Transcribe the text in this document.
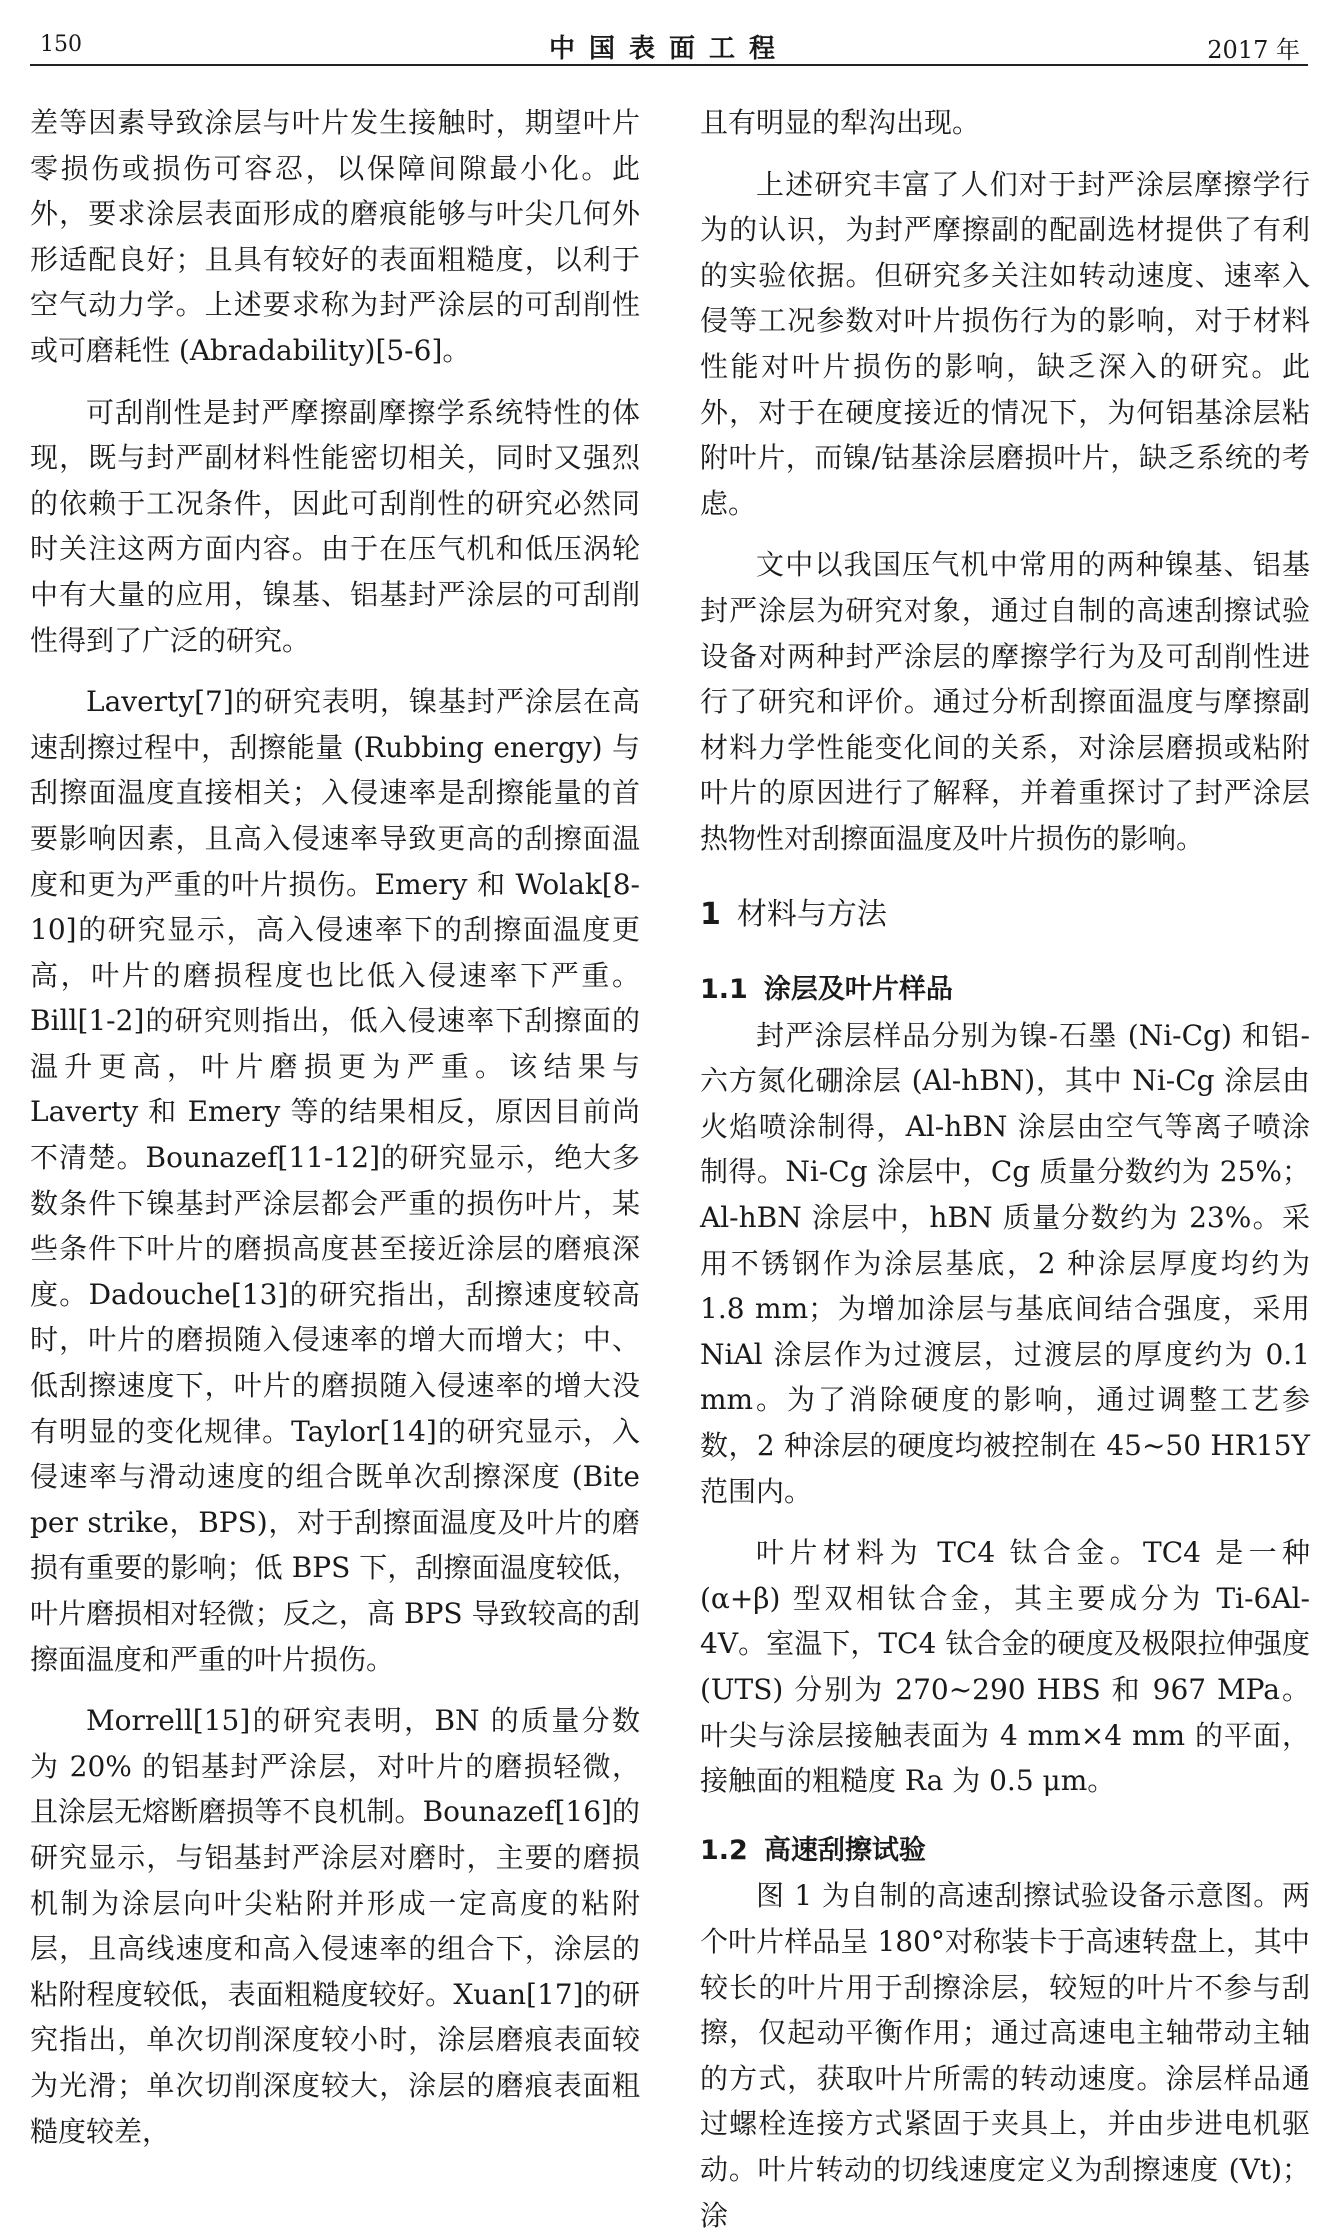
150	中国表面工程	2017 年

差等因素导致涂层与叶片发生接触时，期望叶片零损伤或损伤可容忍，以保障间隙最小化。此外，要求涂层表面形成的磨痕能够与叶尖几何外形适配良好；且具有较好的表面粗糙度，以利于空气动力学。上述要求称为封严涂层的可刮削性或可磨耗性 (Abradability)[5-6]。

可刮削性是封严摩擦副摩擦学系统特性的体现，既与封严副材料性能密切相关，同时又强烈的依赖于工况条件，因此可刮削性的研究必然同时关注这两方面内容。由于在压气机和低压涡轮中有大量的应用，镍基、铝基封严涂层的可刮削性得到了广泛的研究。

Laverty[7]的研究表明，镍基封严涂层在高速刮擦过程中，刮擦能量 (Rubbing energy) 与刮擦面温度直接相关；入侵速率是刮擦能量的首要影响因素，且高入侵速率导致更高的刮擦面温度和更为严重的叶片损伤。Emery 和 Wolak[8-10]的研究显示，高入侵速率下的刮擦面温度更高，叶片的磨损程度也比低入侵速率下严重。Bill[1-2]的研究则指出，低入侵速率下刮擦面的温升更高，叶片磨损更为严重。该结果与 Laverty 和 Emery 等的结果相反，原因目前尚不清楚。Bounazef[11-12]的研究显示，绝大多数条件下镍基封严涂层都会严重的损伤叶片，某些条件下叶片的磨损高度甚至接近涂层的磨痕深度。Dadouche[13]的研究指出，刮擦速度较高时，叶片的磨损随入侵速率的增大而增大；中、低刮擦速度下，叶片的磨损随入侵速率的增大没有明显的变化规律。Taylor[14]的研究显示，入侵速率与滑动速度的组合既单次刮擦深度 (Bite per strike，BPS)，对于刮擦面温度及叶片的磨损有重要的影响；低 BPS 下，刮擦面温度较低，叶片磨损相对轻微；反之，高 BPS 导致较高的刮擦面温度和严重的叶片损伤。

Morrell[15]的研究表明，BN 的质量分数为 20% 的铝基封严涂层，对叶片的磨损轻微，且涂层无熔断磨损等不良机制。Bounazef[16]的研究显示，与铝基封严涂层对磨时，主要的磨损机制为涂层向叶尖粘附并形成一定高度的粘附层，且高线速度和高入侵速率的组合下，涂层的粘附程度较低，表面粗糙度较好。Xuan[17]的研究指出，单次切削深度较小时，涂层磨痕表面较为光滑；单次切削深度较大，涂层的磨痕表面粗糙度较差，

且有明显的犁沟出现。

上述研究丰富了人们对于封严涂层摩擦学行为的认识，为封严摩擦副的配副选材提供了有利的实验依据。但研究多关注如转动速度、速率入侵等工况参数对叶片损伤行为的影响，对于材料性能对叶片损伤的影响，缺乏深入的研究。此外，对于在硬度接近的情况下，为何铝基涂层粘附叶片，而镍/钴基涂层磨损叶片，缺乏系统的考虑。

文中以我国压气机中常用的两种镍基、铝基封严涂层为研究对象，通过自制的高速刮擦试验设备对两种封严涂层的摩擦学行为及可刮削性进行了研究和评价。通过分析刮擦面温度与摩擦副材料力学性能变化间的关系，对涂层磨损或粘附叶片的原因进行了解释，并着重探讨了封严涂层热物性对刮擦面温度及叶片损伤的影响。

1 材料与方法

1.1 涂层及叶片样品

封严涂层样品分别为镍-石墨 (Ni-Cg) 和铝-六方氮化硼涂层 (Al-hBN)，其中 Ni-Cg 涂层由火焰喷涂制得，Al-hBN 涂层由空气等离子喷涂制得。Ni-Cg 涂层中，Cg 质量分数约为 25%；Al-hBN 涂层中，hBN 质量分数约为 23%。采用不锈钢作为涂层基底，2 种涂层厚度均约为 1.8 mm；为增加涂层与基底间结合强度，采用 NiAl 涂层作为过渡层，过渡层的厚度约为 0.1 mm。为了消除硬度的影响，通过调整工艺参数，2 种涂层的硬度均被控制在 45~50 HR15Y 范围内。

叶片材料为 TC4 钛合金。TC4 是一种 (α+β) 型双相钛合金，其主要成分为 Ti-6Al-4V。室温下，TC4 钛合金的硬度及极限拉伸强度 (UTS) 分别为 270~290 HBS 和 967 MPa。叶尖与涂层接触表面为 4 mm×4 mm 的平面，接触面的粗糙度 Ra 为 0.5 μm。

1.2 高速刮擦试验

图 1 为自制的高速刮擦试验设备示意图。两个叶片样品呈 180°对称装卡于高速转盘上，其中较长的叶片用于刮擦涂层，较短的叶片不参与刮擦，仅起动平衡作用；通过高速电主轴带动主轴的方式，获取叶片所需的转动速度。涂层样品通过螺栓连接方式紧固于夹具上，并由步进电机驱动。叶片转动的切线速度定义为刮擦速度 (Vt)；涂
